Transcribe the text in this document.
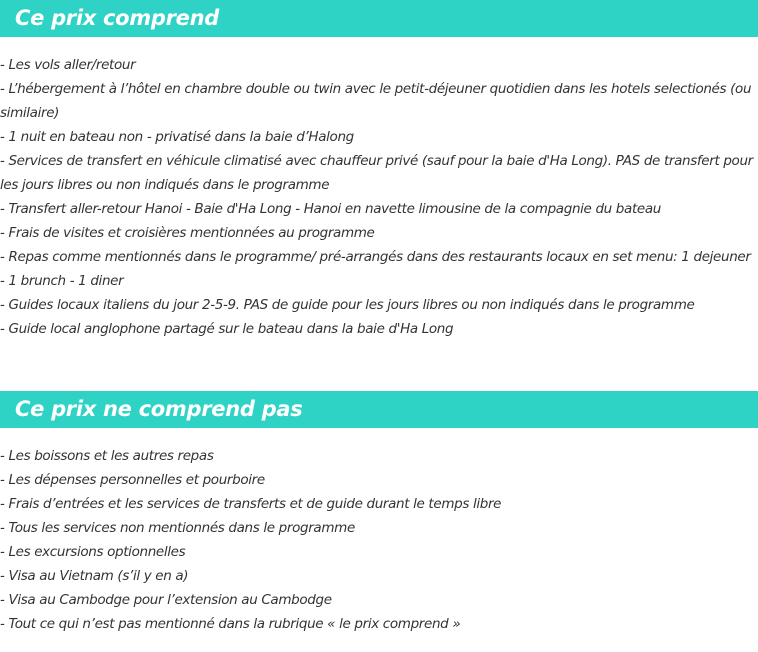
Ce prix comprend
- Les vols aller/retour
- L’hébergement à l’hôtel en chambre double ou twin avec le petit-déjeuner quotidien dans les hotels selectionés (ou similaire)
- 1 nuit en bateau non - privatisé dans la baie d’Halong
- Services de transfert en véhicule climatisé avec chauffeur privé (sauf pour la baie d'Ha Long). PAS de transfert pour les jours libres ou non indiqués dans le programme
- Transfert aller-retour Hanoi - Baie d'Ha Long - Hanoi en navette limousine de la compagnie du bateau
- Frais de visites et croisières mentionnées au programme
- Repas comme mentionnés dans le programme/ pré-arrangés dans des restaurants locaux en set menu: 1 dejeuner - 1 brunch - 1 diner
- Guides locaux italiens du jour 2-5-9. PAS de guide pour les jours libres ou non indiqués dans le programme
- Guide local anglophone partagé sur le bateau dans la baie d'Ha Long
Ce prix ne comprend pas
- Les boissons et les autres repas
- Les dépenses personnelles et pourboire
- Frais d’entrées et les services de transferts et de guide durant le temps libre
- Tous les services non mentionnés dans le programme
- Les excursions optionnelles
- Visa au Vietnam (s’il y en a)
- Visa au Cambodge pour l’extension au Cambodge
- Tout ce qui n’est pas mentionné dans la rubrique « le prix comprend »
